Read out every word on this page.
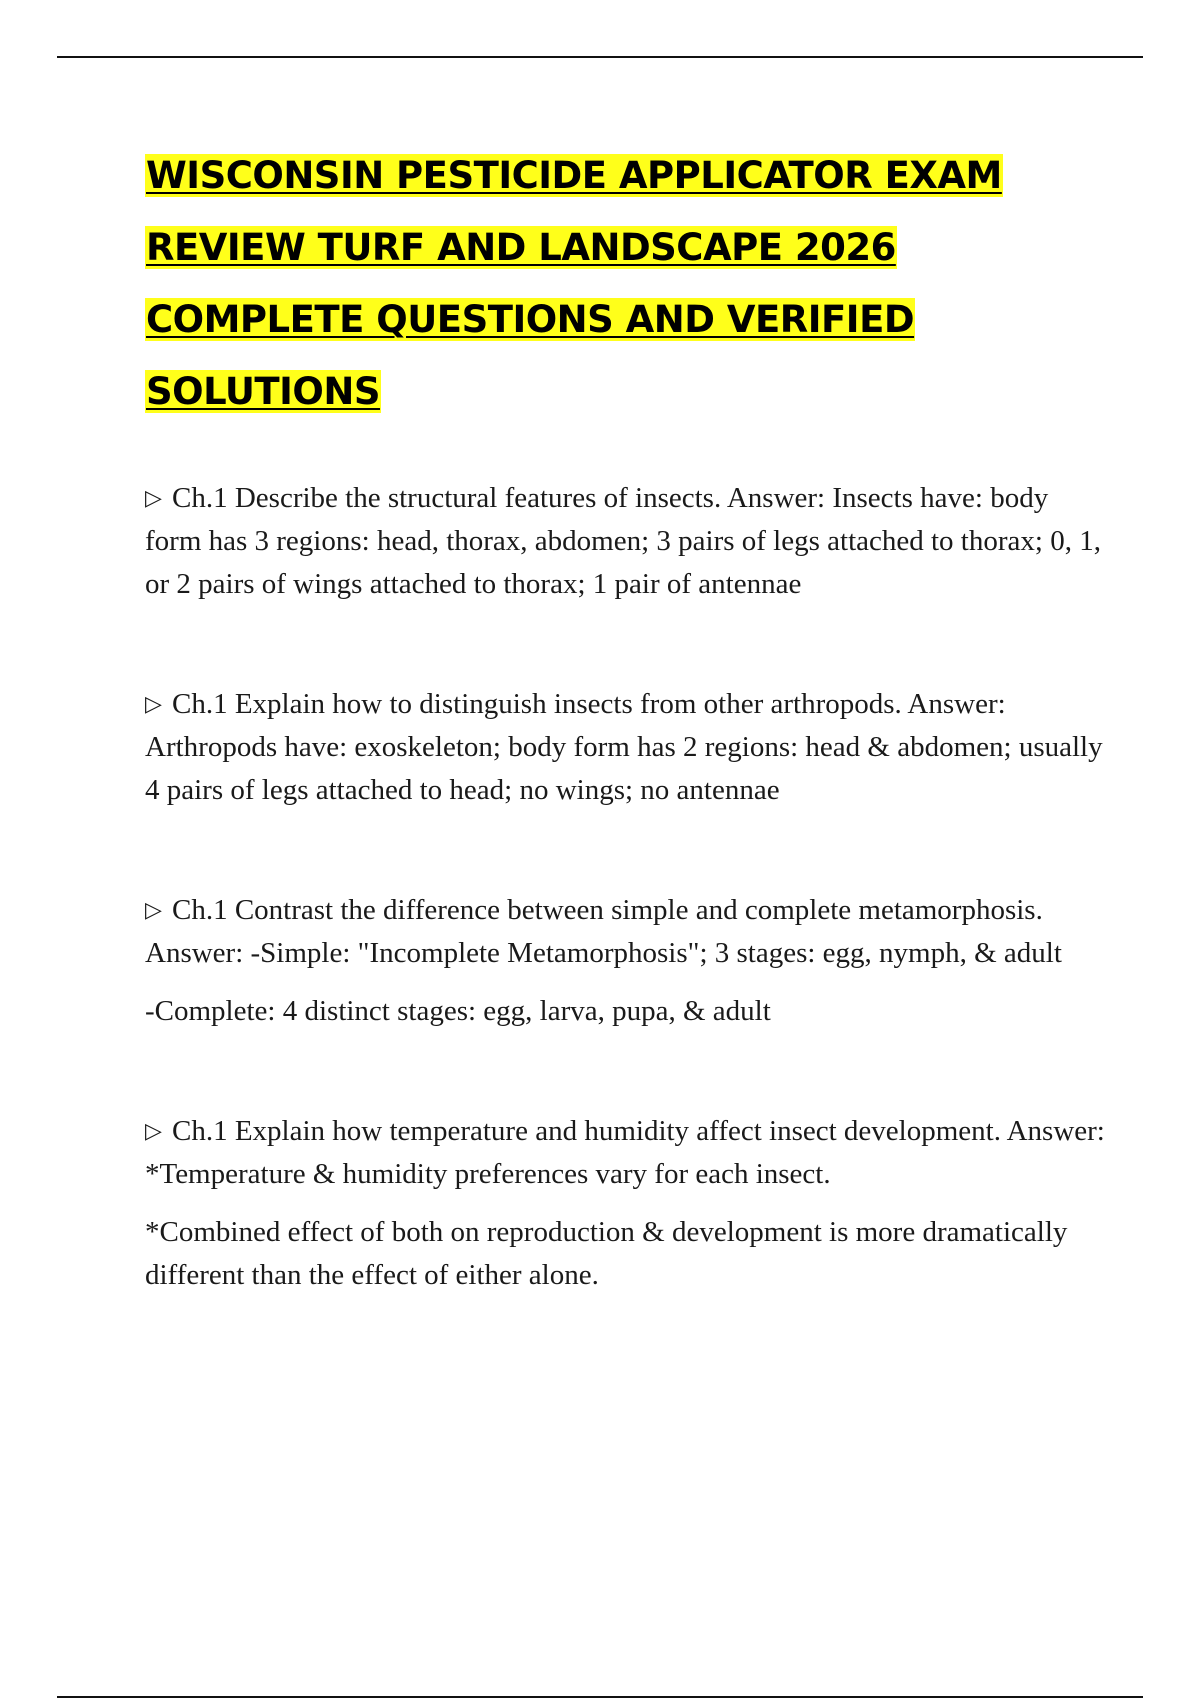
WISCONSIN PESTICIDE APPLICATOR EXAM
REVIEW TURF AND LANDSCAPE 2026
COMPLETE QUESTIONS AND VERIFIED
SOLUTIONS

▷ Ch.1 Describe the structural features of insects. Answer: Insects have: body form has 3 regions: head, thorax, abdomen; 3 pairs of legs attached to thorax; 0, 1, or 2 pairs of wings attached to thorax; 1 pair of antennae

▷ Ch.1 Explain how to distinguish insects from other arthropods. Answer: Arthropods have: exoskeleton; body form has 2 regions: head & abdomen; usually 4 pairs of legs attached to head; no wings; no antennae

▷ Ch.1 Contrast the difference between simple and complete metamorphosis. Answer: -Simple: "Incomplete Metamorphosis"; 3 stages: egg, nymph, & adult

-Complete: 4 distinct stages: egg, larva, pupa, & adult

▷ Ch.1 Explain how temperature and humidity affect insect development. Answer: *Temperature & humidity preferences vary for each insect.

*Combined effect of both on reproduction & development is more dramatically different than the effect of either alone.
